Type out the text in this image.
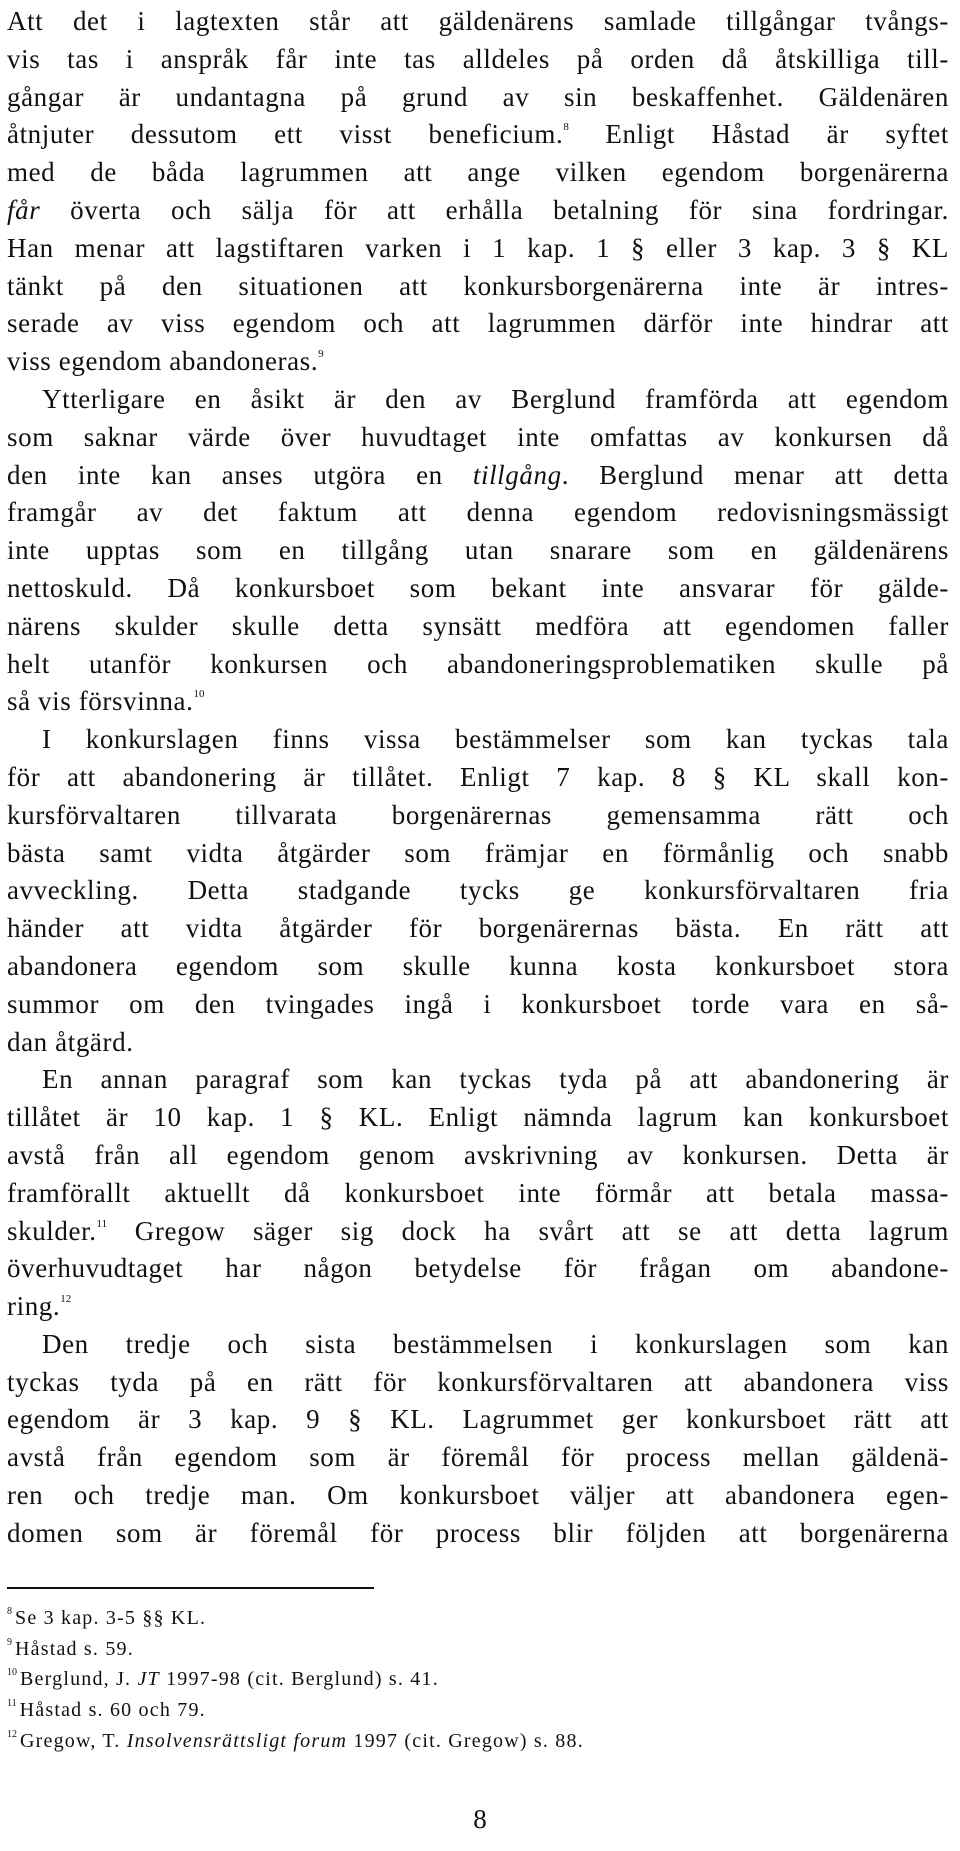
Att det i lagtexten står att gäldenärens samlade tillgångar tvångs-
vis tas i anspråk får inte tas alldeles på orden då åtskilliga till-
gångar är undantagna på grund av sin beskaffenhet. Gäldenären
åtnjuter dessutom ett visst beneficium.$^8$ Enligt Håstad är syftet
med de båda lagrummen att ange vilken egendom borgenärerna
får överta och sälja för att erhålla betalning för sina fordringar.
Han menar att lagstiftaren varken i 1 kap. 1 § eller 3 kap. 3 § KL
tänkt på den situationen att konkursborgenärerna inte är intres-
serade av viss egendom och att lagrummen därför inte hindrar att
viss egendom abandoneras.$^9$
Ytterligare en åsikt är den av Berglund framförda att egendom
som saknar värde över huvudtaget inte omfattas av konkursen då
den inte kan anses utgöra en tillgång. Berglund menar att detta
framgår av det faktum att denna egendom redovisningsmässigt
inte upptas som en tillgång utan snarare som en gäldenärens
nettoskuld. Då konkursboet som bekant inte ansvarar för gälde-
närens skulder skulle detta synsätt medföra att egendomen faller
helt utanför konkursen och abandoneringsproblematiken skulle på
så vis försvinna.$^{10}$
I konkurslagen finns vissa bestämmelser som kan tyckas tala
för att abandonering är tillåtet. Enligt 7 kap. 8 § KL skall kon-
kursförvaltaren tillvarata borgenärernas gemensamma rätt och
bästa samt vidta åtgärder som främjar en förmånlig och snabb
avveckling. Detta stadgande tycks ge konkursförvaltaren fria
händer att vidta åtgärder för borgenärernas bästa. En rätt att
abandonera egendom som skulle kunna kosta konkursboet stora
summor om den tvingades ingå i konkursboet torde vara en så-
dan åtgärd.
En annan paragraf som kan tyckas tyda på att abandonering är
tillåtet är 10 kap. 1 § KL. Enligt nämnda lagrum kan konkursboet
avstå från all egendom genom avskrivning av konkursen. Detta är
framförallt aktuellt då konkursboet inte förmår att betala massa-
skulder.$^{11}$ Gregow säger sig dock ha svårt att se att detta lagrum
överhuvudtaget har någon betydelse för frågan om abandone-
ring.$^{12}$
Den tredje och sista bestämmelsen i konkurslagen som kan
tyckas tyda på en rätt för konkursförvaltaren att abandonera viss
egendom är 3 kap. 9 § KL. Lagrummet ger konkursboet rätt att
avstå från egendom som är föremål för process mellan gäldenä-
ren och tredje man. Om konkursboet väljer att abandonera egen-
domen som är föremål för process blir följden att borgenärerna
$^8$ Se 3 kap. 3-5 §§ KL.
$^9$ Håstad s. 59.
$^{10}$ Berglund, J. JT 1997-98 (cit. Berglund) s. 41.
$^{11}$ Håstad s. 60 och 79.
$^{12}$ Gregow, T. Insolvensrättsligt forum 1997 (cit. Gregow) s. 88.
8
